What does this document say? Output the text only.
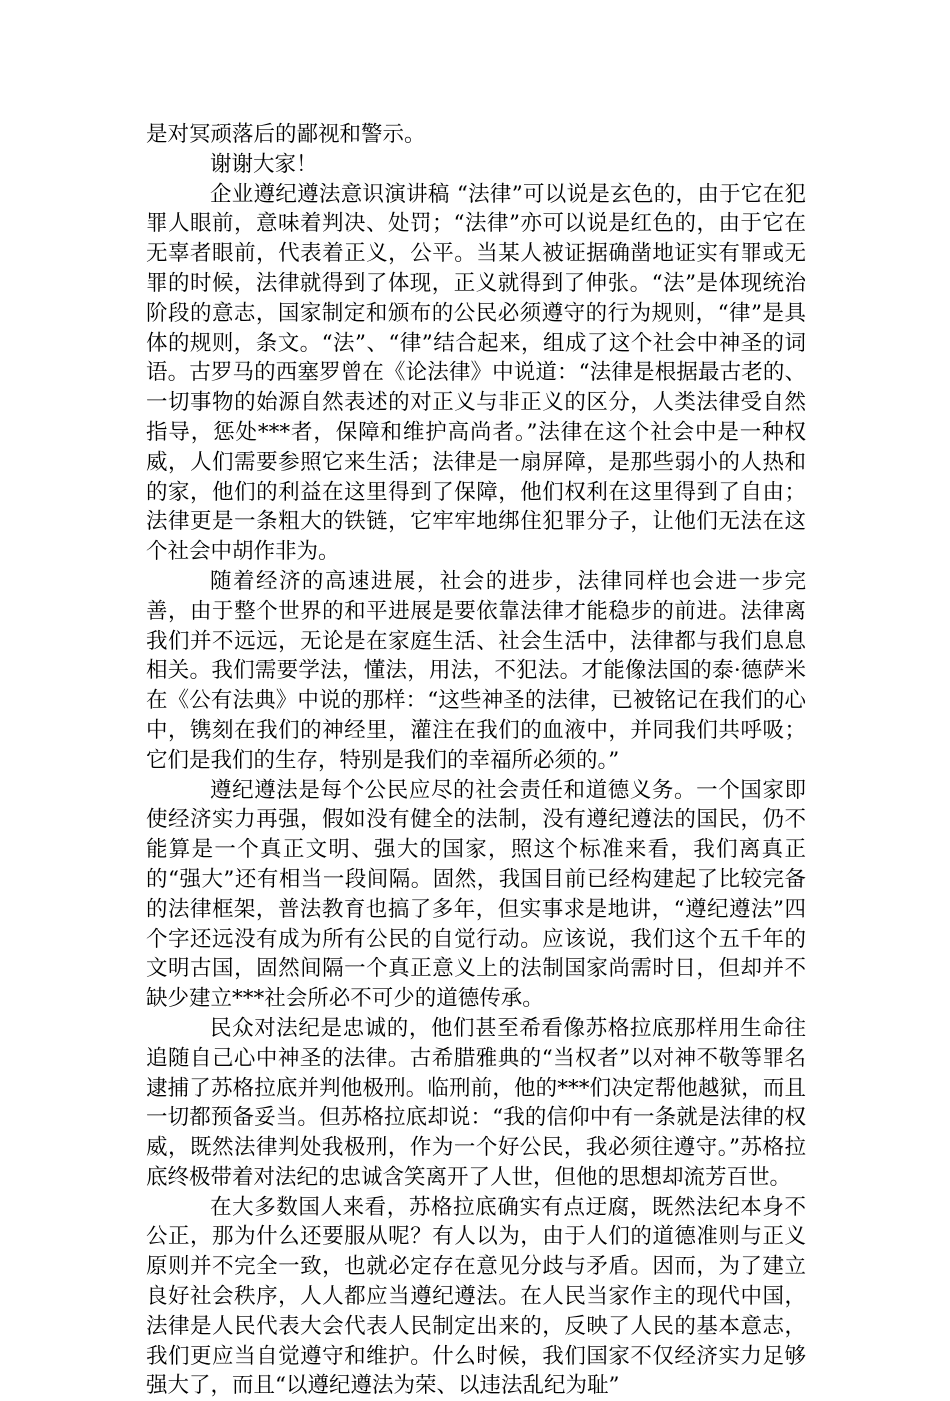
是对冥顽落后的鄙视和警示。

谢谢大家！

企业遵纪遵法意识演讲稿 “法律”可以说是玄色的，由于它在犯罪人眼前，意味着判决、处罚；“法律”亦可以说是红色的，由于它在无辜者眼前，代表着正义，公平。当某人被证据确凿地证实有罪或无罪的时候，法律就得到了体现，正义就得到了伸张。“法”是体现统治阶段的意志，国家制定和颁布的公民必须遵守的行为规则，“律”是具体的规则，条文。“法”、“律”结合起来，组成了这个社会中神圣的词语。古罗马的西塞罗曾在《论法律》中说道：“法律是根据最古老的、一切事物的始源自然表述的对正义与非正义的区分，人类法律受自然指导，惩处***者，保障和维护高尚者。”法律在这个社会中是一种权威，人们需要参照它来生活；法律是一扇屏障，是那些弱小的人热和的家，他们的利益在这里得到了保障，他们权利在这里得到了自由；法律更是一条粗大的铁链，它牢牢地绑住犯罪分子，让他们无法在这个社会中胡作非为。

随着经济的高速进展，社会的进步，法律同样也会进一步完善，由于整个世界的和平进展是要依靠法律才能稳步的前进。法律离我们并不远远，无论是在家庭生活、社会生活中，法律都与我们息息相关。我们需要学法，懂法，用法，不犯法。才能像法国的泰·德萨米在《公有法典》中说的那样：“这些神圣的法律，已被铭记在我们的心中，镌刻在我们的神经里，灌注在我们的血液中，并同我们共呼吸；它们是我们的生存，特别是我们的幸福所必须的。”

遵纪遵法是每个公民应尽的社会责任和道德义务。一个国家即使经济实力再强，假如没有健全的法制，没有遵纪遵法的国民，仍不能算是一个真正文明、强大的国家，照这个标准来看，我们离真正的“强大”还有相当一段间隔。固然，我国目前已经构建起了比较完备的法律框架，普法教育也搞了多年，但实事求是地讲，“遵纪遵法”四个字还远没有成为所有公民的自觉行动。应该说，我们这个五千年的文明古国，固然间隔一个真正意义上的法制国家尚需时日，但却并不缺少建立***社会所必不可少的道德传承。

民众对法纪是忠诚的，他们甚至希看像苏格拉底那样用生命往追随自己心中神圣的法律。古希腊雅典的“当权者”以对神不敬等罪名逮捕了苏格拉底并判他极刑。临刑前，他的***们决定帮他越狱，而且一切都预备妥当。但苏格拉底却说：“我的信仰中有一条就是法律的权威，既然法律判处我极刑，作为一个好公民，我必须往遵守。”苏格拉底终极带着对法纪的忠诚含笑离开了人世，但他的思想却流芳百世。

在大多数国人来看，苏格拉底确实有点迂腐，既然法纪本身不公正，那为什么还要服从呢？有人以为，由于人们的道德准则与正义原则并不完全一致，也就必定存在意见分歧与矛盾。因而，为了建立良好社会秩序，人人都应当遵纪遵法。在人民当家作主的现代中国，法律是人民代表大会代表人民制定出来的，反映了人民的基本意志，我们更应当自觉遵守和维护。什么时候，我们国家不仅经济实力足够强大了，而且“以遵纪遵法为荣、以违法乱纪为耻”
